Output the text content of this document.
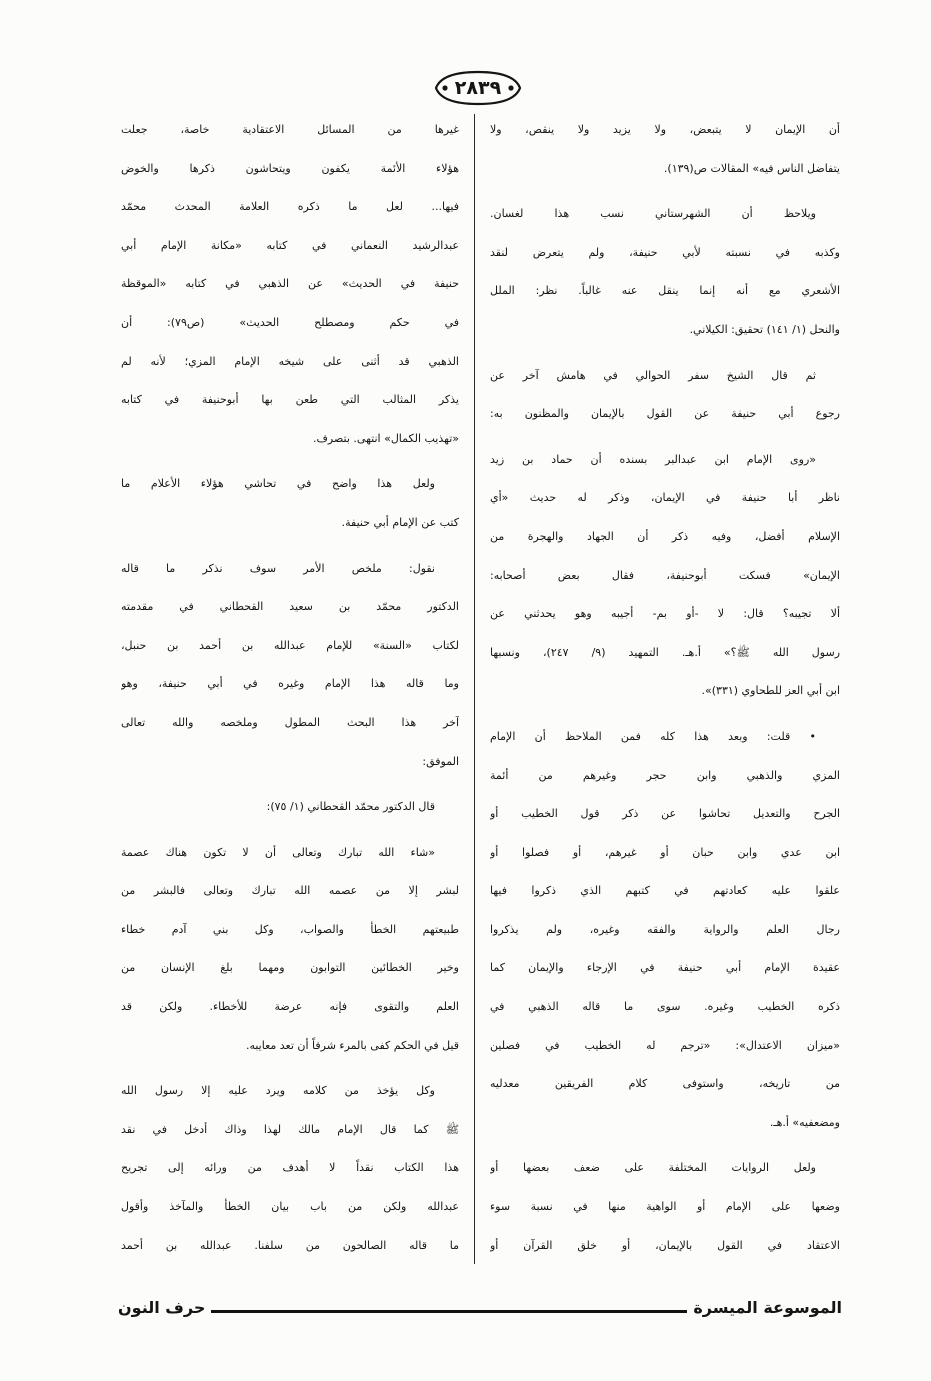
٢٨٣٩
أن الإيمان لا يتبعض، ولا يزيد ولا ينقص، ولا
يتفاضل الناس فيه» المقالات ص(١٣٩).
ويلاحظ أن الشهرستاني نسب هذا لغسان.
وكذبه في نسبته لأبي حنيفة، ولم يتعرض لنقد
الأشعري مع أنه إنما ينقل عنه غالباً. نظر: الملل
والنحل (١/ ١٤١) تحقيق: الكيلاني.
ثم قال الشيخ سفر الحوالي في هامش آخر عن
رجوع أبي حنيفة عن القول بالإيمان والمظنون به:
«روى الإمام ابن عبدالبر بسنده أن حماد بن زيد
ناظر أبا حنيفة في الإيمان، وذكر له حديث «أي
الإسلام أفضل، وفيه ذكر أن الجهاد والهجرة من
الإيمان» فسكت أبوحنيفة، فقال بعض أصحابه:
ألا تجيبه؟ قال: لا -أو بم- أجيبه وهو يحدثني عن
رسول الله ﷺ؟» أ.هـ. التمهيد (٩/ ٢٤٧)، ونسبها
ابن أبي العز للطحاوي (٣٣١)».
• قلت: وبعد هذا كله فمن الملاحظ أن الإمام
المزي والذهبي وابن حجر وغيرهم من أئمة
الجرح والتعديل تحاشوا عن ذكر قول الخطيب أو
ابن عدي وابن حبان أو غيرهم، أو فصلوا أو
علقوا عليه كعادتهم في كتبهم الذي ذكروا فيها
رجال العلم والرواية والفقه وغيره، ولم يذكروا
عقيدة الإمام أبي حنيفة في الإرجاء والإيمان كما
ذكره الخطيب وغيره. سوى ما قاله الذهبي في
«ميزان الاعتدال»: «ترجم له الخطيب في فصلين
من تاريخه، واستوفى كلام الفريقين معدليه
ومضعفيه» أ.هـ.
ولعل الروايات المختلفة على ضعف بعضها أو
وضعها على الإمام أو الواهية منها في نسبة سوء
الاعتقاد في القول بالإيمان، أو خلق القرآن أو
غيرها من المسائل الاعتقادية خاصة، جعلت
هؤلاء الأئمة يكفون ويتحاشون ذكرها والخوض
فيها... لعل ما ذكره العلامة المحدث محمّد
عبدالرشيد النعماني في كتابه «مكانة الإمام أبي
حنيفة في الحديث» عن الذهبي في كتابه «الموقظة
في حكم ومصطلح الحديث» (ص٧٩): أن
الذهبي قد أثنى على شيخه الإمام المزي؛ لأنه لم
يذكر المثالب التي طعن بها أبوحنيفة في كتابه
«تهذيب الكمال» انتهى. بتصرف.
ولعل هذا واضح في تحاشي هؤلاء الأعلام ما
كتب عن الإمام أبي حنيفة.
نقول: ملخص الأمر سوف نذكر ما قاله
الدكتور محمّد بن سعيد القحطاني في مقدمته
لكتاب «السنة» للإمام عبدالله بن أحمد بن حنبل،
وما قاله هذا الإمام وغيره في أبي حنيفة، وهو
آخر هذا البحث المطول وملخصه والله تعالى
الموفق:
قال الدكتور محمّد القحطاني (١/ ٧٥):
«شاء الله تبارك وتعالى أن لا تكون هناك عصمة
لبشر إلا من عصمه الله تبارك وتعالى فالبشر من
طبيعتهم الخطأ والصواب، وكل بني آدم خطاء
وخير الخطائين التوابون ومهما بلغ الإنسان من
العلم والتقوى فإنه عرضة للأخطاء. ولكن قد
قيل في الحكم كفى بالمرء شرفاً أن تعد معايبه.
وكل يؤخذ من كلامه ويرد عليه إلا رسول الله
ﷺ كما قال الإمام مالك لهذا وذاك أدخل في نقد
هذا الكتاب نقداً لا أهدف من ورائه إلى تجريح
عبدالله ولكن من باب بيان الخطأ والمآخذ وأقول
ما قاله الصالحون من سلفنا. عبدالله بن أحمد
الموسوعة الميسرة
حرف النون
